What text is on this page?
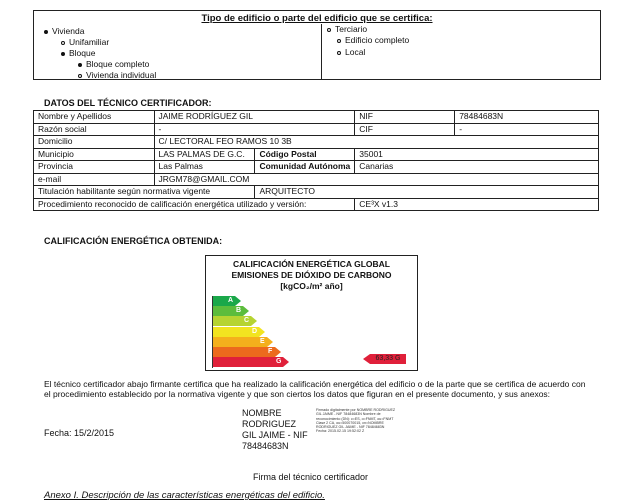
Tipo de edificio o parte del edificio que se certifica:
Vivienda
Unifamiliar
Bloque
Bloque completo
Vivienda individual
Terciario
Edificio completo
Local
DATOS DEL TÉCNICO CERTIFICADOR:
Nombre y Apellidos	JAIME RODRÍGUEZ GIL		NIF	78484683N
Razón social	-		CIF	-
Domicilio	C/ LECTORAL FEO RAMOS 10 3B			
Municipio	LAS PALMAS DE G.C.	Código Postal	35001	
Provincia	Las Palmas	Comunidad Autónoma	Canarias	
e-mail	JRGM78@GMAIL.COM			
Titulación habilitante según normativa vigente		ARQUITECTO		
Procedimiento reconocido de calificación energética utilizado y versión:			CE³X v1.3	
CALIFICACIÓN ENERGÉTICA OBTENIDA:
CALIFICACIÓN ENERGÉTICA GLOBAL
EMISIONES DE DIÓXIDO DE CARBONO
[kgCO₂/m² año]
A
B
C
D
E
F
G	63,33 G

El técnico certificador abajo firmante certifica que ha realizado la calificación energética del edificio o de la parte que se certifica de acuerdo con el procedimiento establecido por la normativa vigente y que son ciertos los datos que figuran en el presente documento, y sus anexos:

Fecha: 15/2/2015
NOMBRE
RODRIGUEZ
GIL JAIME - NIF
78484683N
Firmado digitalmente por NOMBRE RODRIGUEZ GIL JAIME - NIF 78484683N Nombre de reconocimiento (DN): c=ES, o=FNMT, ou=FNMT Clase 2 CA, ou=500070015, cn=NOMBRE RODRIGUEZ GIL JAIME - NIF 78484683N Fecha: 2015.02.15 19:52:02 Z
Firma del técnico certificador
Anexo I. Descripción de las características energéticas del edificio.
